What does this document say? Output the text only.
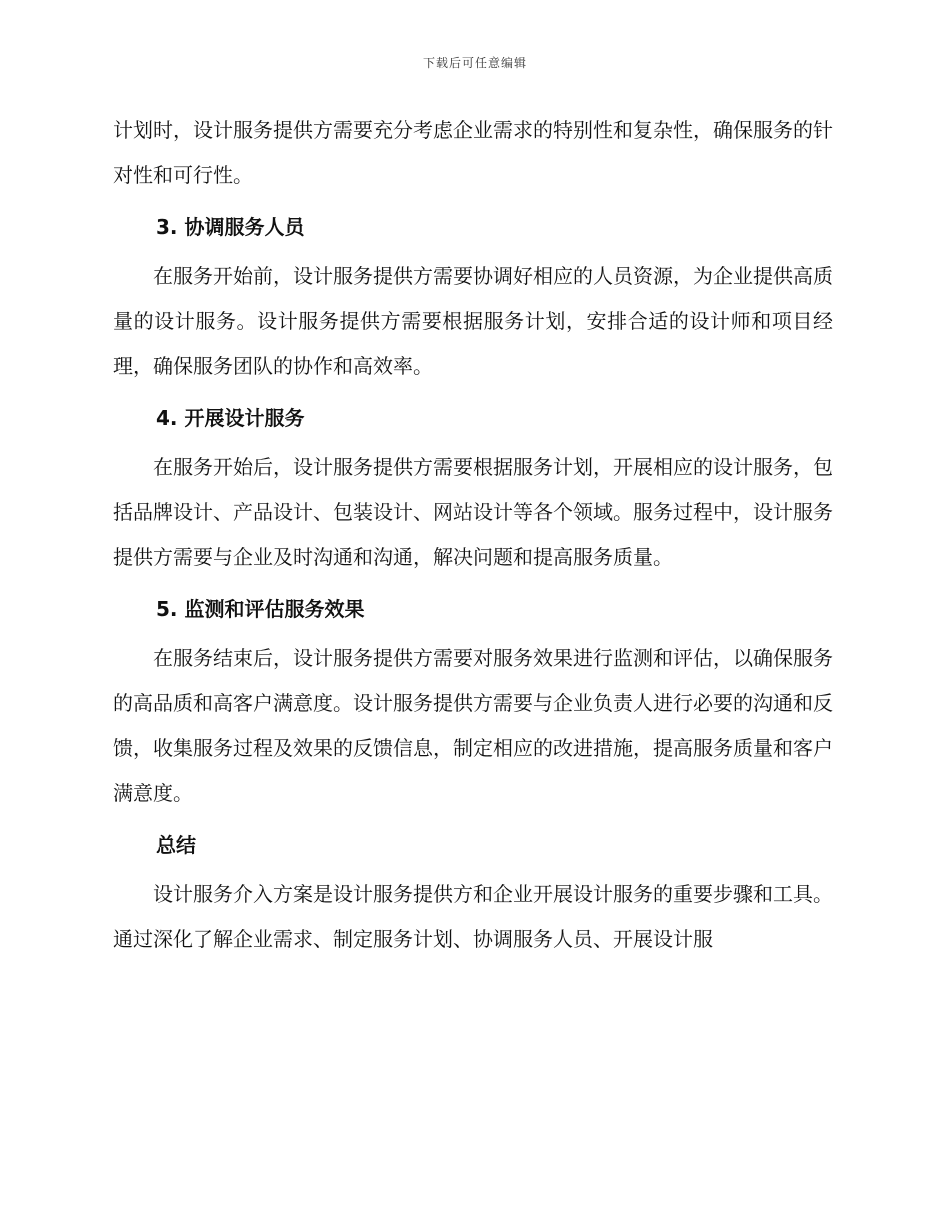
下载后可任意编辑

计划时，设计服务提供方需要充分考虑企业需求的特别性和复杂性，确保服务的针对性和可行性。

3. 协调服务人员

在服务开始前，设计服务提供方需要协调好相应的人员资源，为企业提供高质量的设计服务。设计服务提供方需要根据服务计划，安排合适的设计师和项目经理，确保服务团队的协作和高效率。

4. 开展设计服务

在服务开始后，设计服务提供方需要根据服务计划，开展相应的设计服务，包括品牌设计、产品设计、包装设计、网站设计等各个领域。服务过程中，设计服务提供方需要与企业及时沟通和沟通，解决问题和提高服务质量。

5. 监测和评估服务效果

在服务结束后，设计服务提供方需要对服务效果进行监测和评估，以确保服务的高品质和高客户满意度。设计服务提供方需要与企业负责人进行必要的沟通和反馈，收集服务过程及效果的反馈信息，制定相应的改进措施，提高服务质量和客户满意度。

总结

设计服务介入方案是设计服务提供方和企业开展设计服务的重要步骤和工具。通过深化了解企业需求、制定服务计划、协调服务人员、开展设计服
